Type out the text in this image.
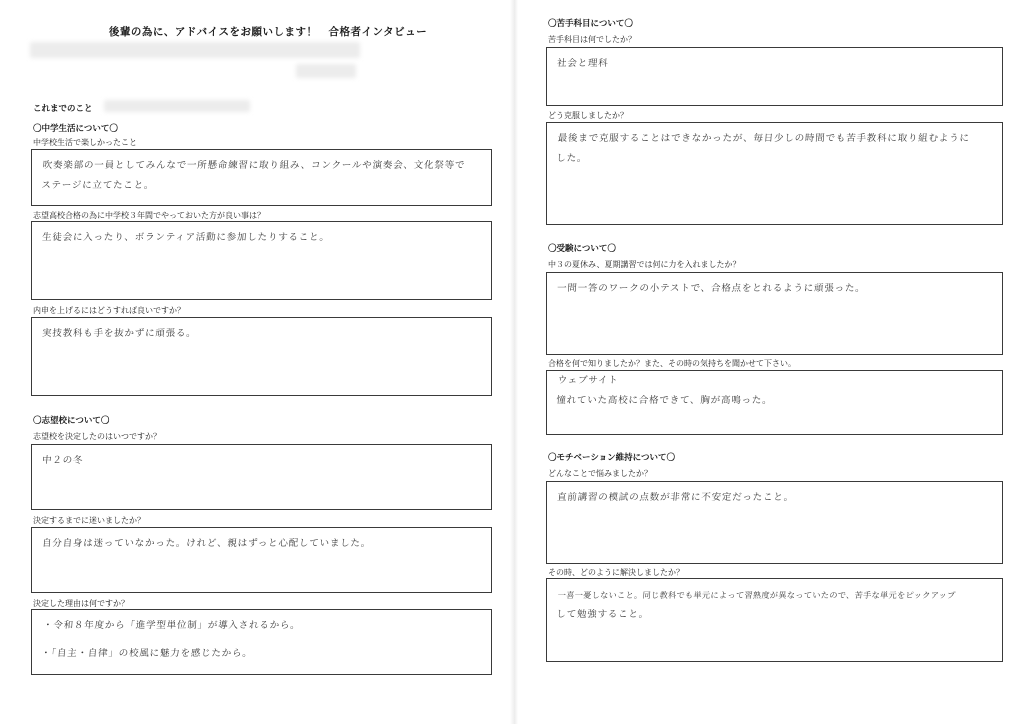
後輩の為に、アドバイスをお願いします！　合格者インタビュー
これまでのこと
〇中学生活について〇
中学校生活で楽しかったこと
吹奏楽部の一員としてみんなで一所懸命練習に取り組み、コンクールや演奏会、文化祭等で
ステージに立てたこと。
志望高校合格の為に中学校３年間でやっておいた方が良い事は？
生徒会に入ったり、ボランティア活動に参加したりすること。
内申を上げるにはどうすれば良いですか？
実技教科も手を抜かずに頑張る。
〇志望校について〇
志望校を決定したのはいつですか？
中２の冬
決定するまでに迷いましたか？
自分自身は迷っていなかった。けれど、親はずっと心配していました。
決定した理由は何ですか？
・令和８年度から「進学型単位制」が導入されるから。
・「自主・自律」の校風に魅力を感じたから。
〇苦手科目について〇
苦手科目は何でしたか？
社会と理科
どう克服しましたか？
最後まで克服することはできなかったが、毎日少しの時間でも苦手教科に取り組むように
した。
〇受験について〇
中３の夏休み、夏期講習では何に力を入れましたか？
一問一答のワークの小テストで、合格点をとれるように頑張った。
合格を何で知りましたか？また、その時の気持ちを聞かせて下さい。
ウェブサイト
憧れていた高校に合格できて、胸が高鳴った。
〇モチベーション維持について〇
どんなことで悩みましたか？
直前講習の模試の点数が非常に不安定だったこと。
その時、どのように解決しましたか？
一喜一憂しないこと。同じ教科でも単元によって習熟度が異なっていたので、苦手な単元をピックアップ
して勉強すること。
